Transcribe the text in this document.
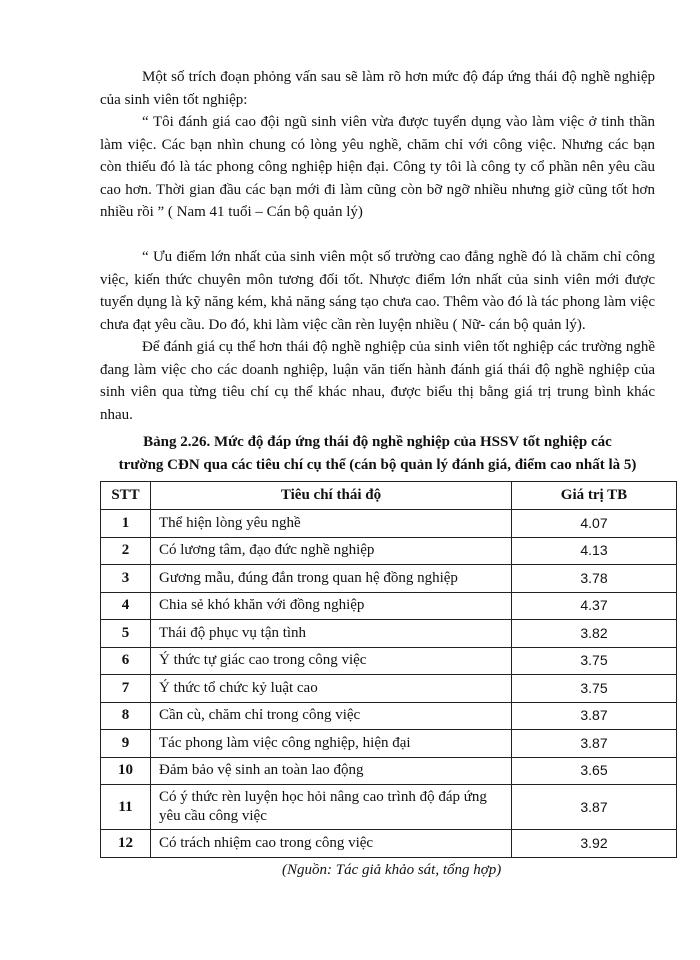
Một số trích đoạn phỏng vấn sau sẽ làm rõ hơn mức độ đáp ứng thái độ nghề nghiệp của sinh viên tốt nghiệp:

“ Tôi đánh giá cao đội ngũ sinh viên vừa được tuyển dụng vào làm việc ở tinh thần làm việc. Các bạn nhìn chung có lòng yêu nghề, chăm chỉ với công việc. Nhưng các bạn còn thiếu đó là tác phong công nghiệp hiện đại. Công ty tôi là công ty cổ phần nên yêu cầu cao hơn. Thời gian đầu các bạn mới đi làm cũng còn bỡ ngỡ nhiều nhưng giờ cũng tốt hơn nhiều rồi ” ( Nam 41 tuổi – Cán bộ quản lý)

“ Ưu điểm lớn nhất của sinh viên một số trường cao đẳng nghề đó là chăm chỉ công việc, kiến thức chuyên môn tương đối tốt. Nhược điểm lớn nhất của sinh viên mới được tuyển dụng là kỹ năng kém, khả năng sáng tạo chưa cao. Thêm vào đó là tác phong làm việc chưa đạt yêu cầu. Do đó, khi làm việc cần rèn luyện nhiều ( Nữ- cán bộ quản lý).

Để đánh giá cụ thể hơn thái độ nghề nghiệp của sinh viên tốt nghiệp các trường nghề đang làm việc cho các doanh nghiệp, luận văn tiến hành đánh giá thái độ nghề nghiệp của sinh viên qua từng tiêu chí cụ thể khác nhau, được biểu thị bằng giá trị trung bình khác nhau.

Bảng 2.26. Mức độ đáp ứng thái độ nghề nghiệp của HSSV tốt nghiệp các
trường CĐN qua các tiêu chí cụ thể (cán bộ quản lý đánh giá, điểm cao nhất là 5)
STT	Tiêu chí thái độ	Giá trị TB
1	Thể hiện lòng yêu nghề	4.07
2	Có lương tâm, đạo đức nghề nghiệp	4.13
3	Gương mẫu, đúng đắn trong quan hệ đồng nghiệp	3.78
4	Chia sẻ khó khăn với đồng nghiệp	4.37
5	Thái độ phục vụ tận tình	3.82
6	Ý thức tự giác cao trong công việc	3.75
7	Ý thức tổ chức kỷ luật cao	3.75
8	Cần cù, chăm chỉ trong công việc	3.87
9	Tác phong làm việc công nghiệp, hiện đại	3.87
10	Đảm bảo vệ sinh an toàn lao động	3.65
11	Có ý thức rèn luyện học hỏi nâng cao trình độ đáp ứng yêu cầu công việc	3.87
12	Có trách nhiệm cao trong công việc	3.92
(Nguồn: Tác giả khảo sát, tổng hợp)
